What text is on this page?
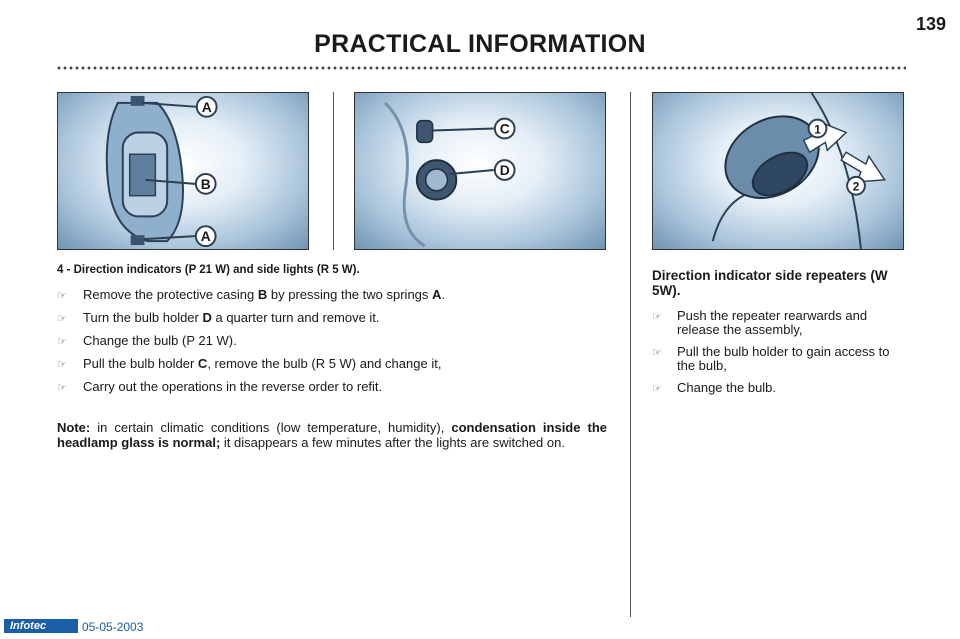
139
PRACTICAL INFORMATION
A
B
A
C
D
1
2
4 - Direction indicators (P 21 W) and side lights (R 5 W).
☞	Remove the protective casing B by pressing the two springs A.
☞	Turn the bulb holder D a quarter turn and remove it.
☞	Change the bulb (P 21 W).
☞	Pull the bulb holder C, remove the bulb (R 5 W) and change it,
☞	Carry out the operations in the reverse order to refit.

Note: in certain climatic conditions (low temperature, humidity), condensation inside the headlamp glass is normal; it disappears a few minutes after the lights are switched on.

Direction indicator side repeaters (W 5W).
☞	Push the repeater rearwards and release the assembly,
☞	Pull the bulb holder to gain access to the bulb,
☞	Change the bulb.
Infotec	05-05-2003
